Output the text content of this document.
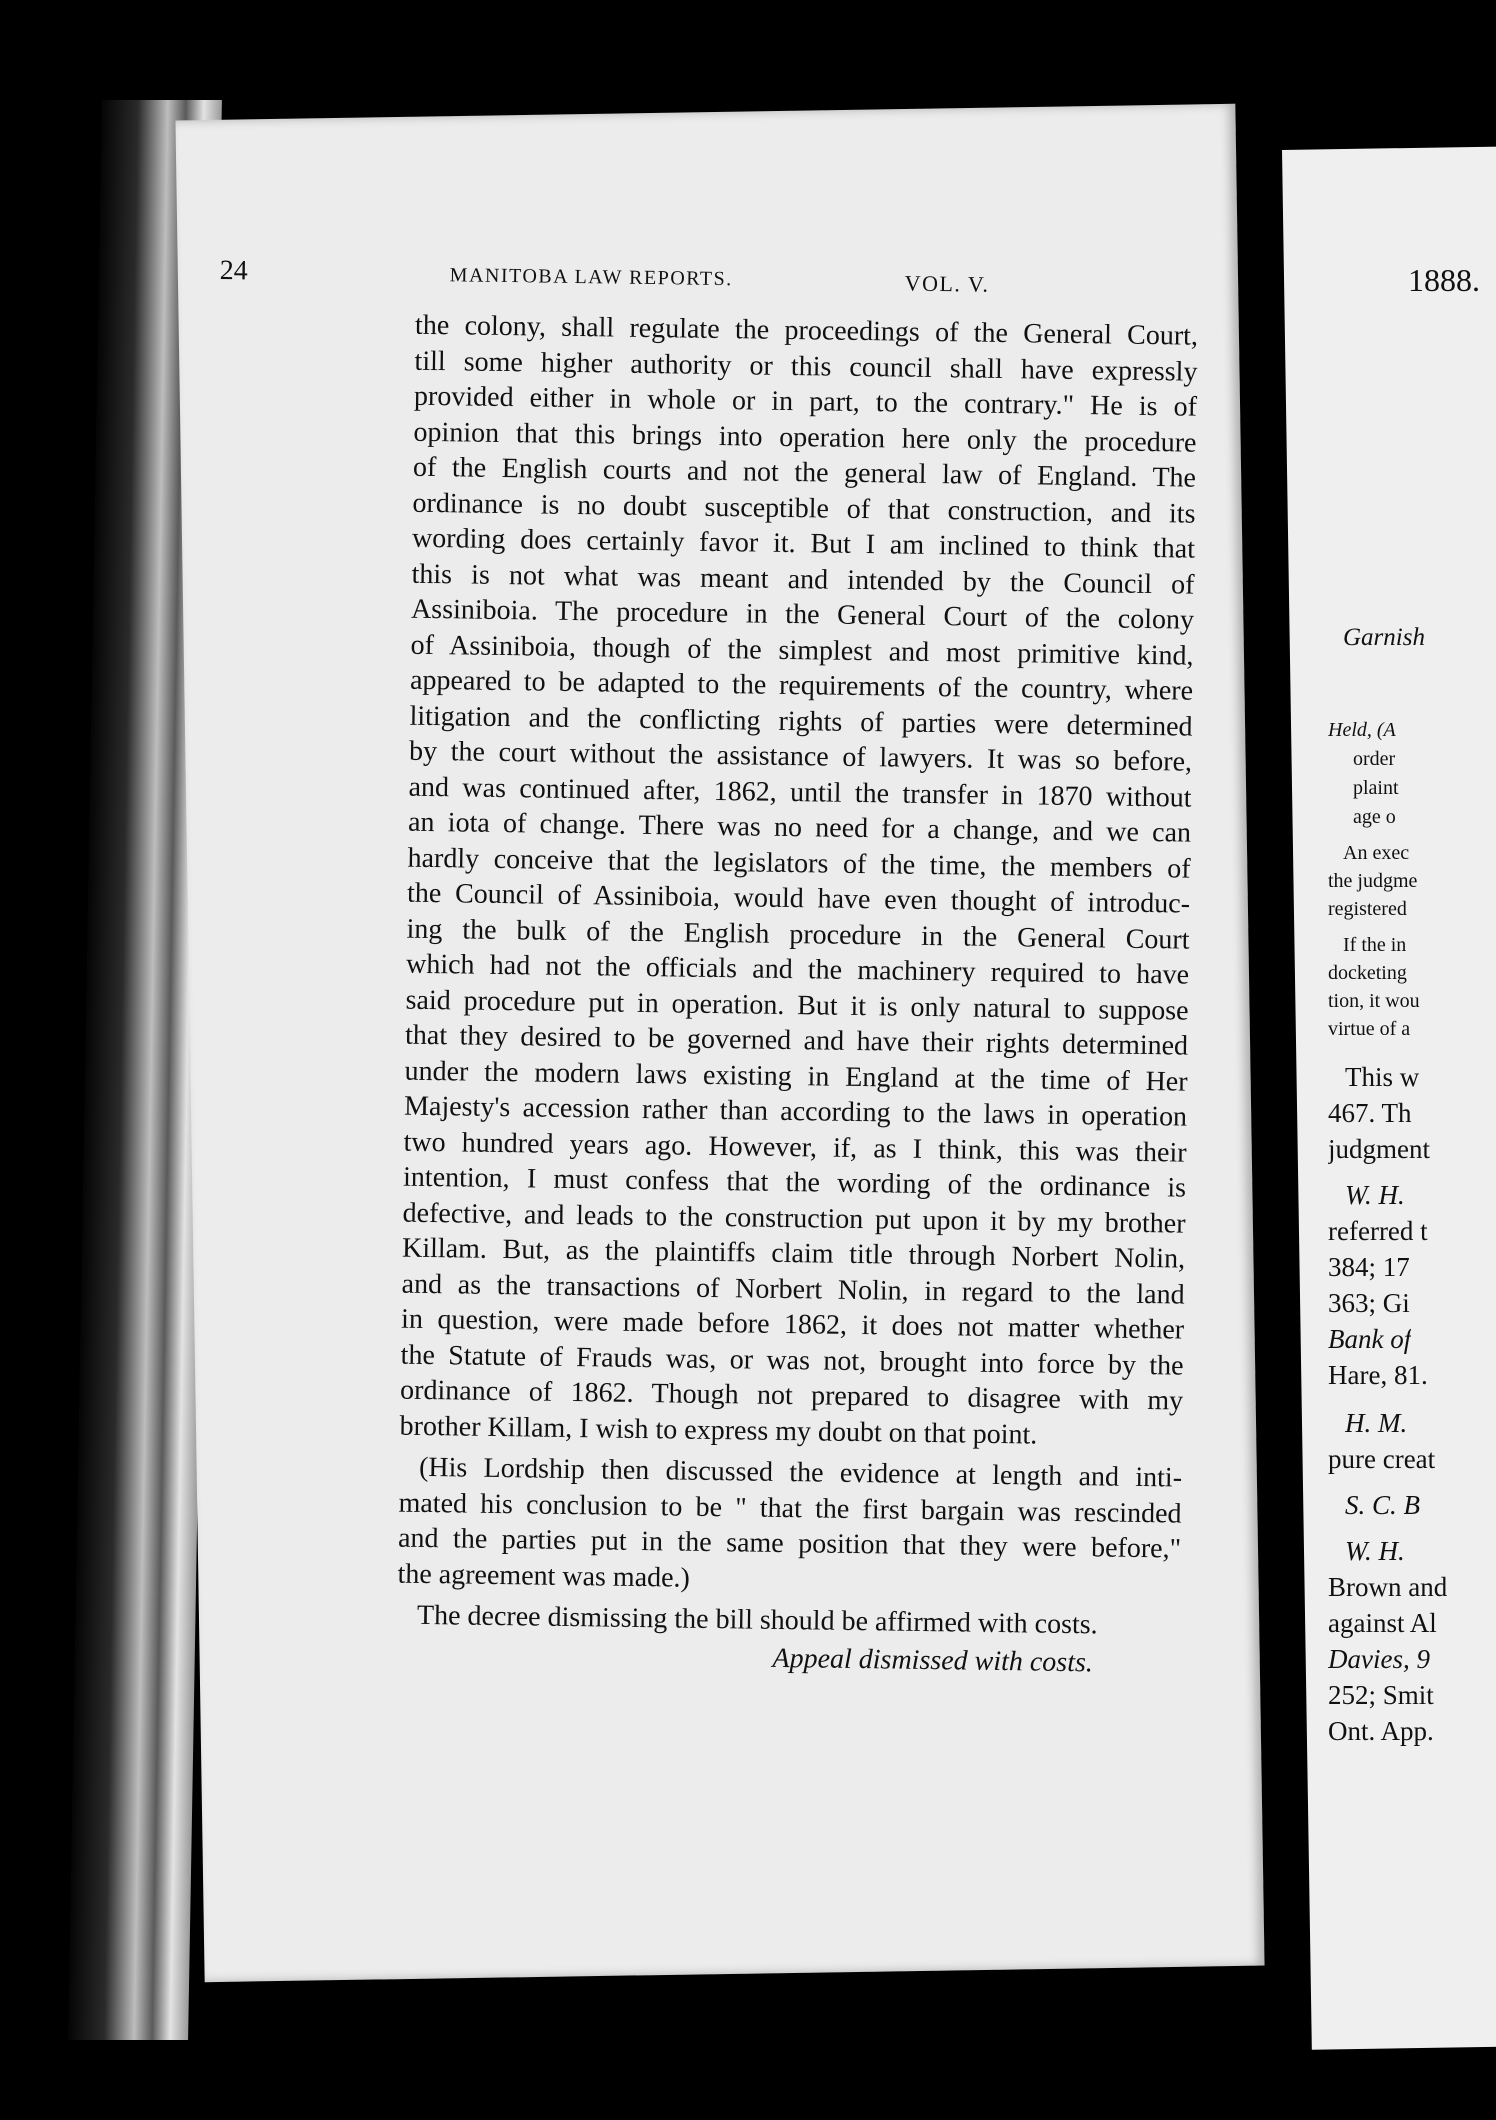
24	MANITOBA LAW REPORTS.	VOL. V.
the colony, shall regulate the proceedings of the General Court,
till some higher authority or this council shall have expressly
provided either in whole or in part, to the contrary." He is of
opinion that this brings into operation here only the procedure
of the English courts and not the general law of England. The
ordinance is no doubt susceptible of that construction, and its
wording does certainly favor it. But I am inclined to think that
this is not what was meant and intended by the Council of
Assiniboia. The procedure in the General Court of the colony
of Assiniboia, though of the simplest and most primitive kind,
appeared to be adapted to the requirements of the country, where
litigation and the conflicting rights of parties were determined
by the court without the assistance of lawyers. It was so before,
and was continued after, 1862, until the transfer in 1870 without
an iota of change. There was no need for a change, and we can
hardly conceive that the legislators of the time, the members of
the Council of Assiniboia, would have even thought of introduc-
ing the bulk of the English procedure in the General Court
which had not the officials and the machinery required to have
said procedure put in operation. But it is only natural to suppose
that they desired to be governed and have their rights determined
under the modern laws existing in England at the time of Her
Majesty's accession rather than according to the laws in operation
two hundred years ago. However, if, as I think, this was their
intention, I must confess that the wording of the ordinance is
defective, and leads to the construction put upon it by my brother
Killam. But, as the plaintiffs claim title through Norbert Nolin,
and as the transactions of Norbert Nolin, in regard to the land
in question, were made before 1862, it does not matter whether
the Statute of Frauds was, or was not, brought into force by the
ordinance of 1862. Though not prepared to disagree with my
brother Killam, I wish to express my doubt on that point.
(His Lordship then discussed the evidence at length and inti-
mated his conclusion to be " that the first bargain was rescinded
and the parties put in the same position that they were before,"
the agreement was made.)
The decree dismissing the bill should be affirmed with costs.
Appeal dismissed with costs.
1888.
Garnish
Held, (A
order
plaint
age o
An exec
the judgme
registered
If the in
docketing
tion, it wou
virtue of a
This w
467. Th
judgment
W. H.
referred t
384; 17
363; Gi
Bank of
Hare, 81.
H. M.
pure creat
S. C. B
W. H.
Brown and
against Al
Davies, 9
252; Smit
Ont. App.
